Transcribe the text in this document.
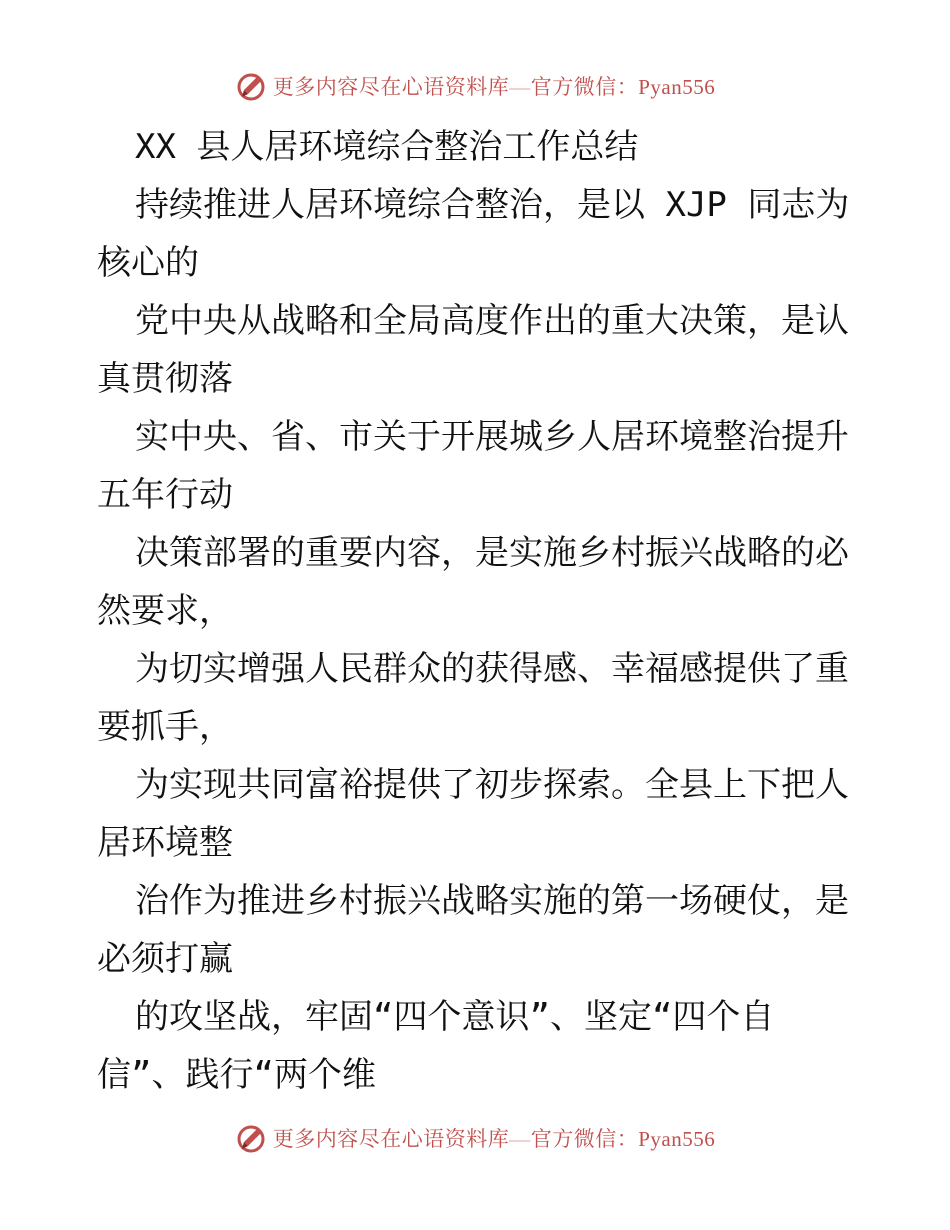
更多内容尽在心语资料库—官方微信：Pyan556
XX 县人居环境综合整治工作总结
持续推进人居环境综合整治，是以 XJP 同志为
核心的
党中央从战略和全局高度作出的重大决策，是认
真贯彻落
实中央、省、市关于开展城乡人居环境整治提升
五年行动
决策部署的重要内容，是实施乡村振兴战略的必
然要求，
为切实增强人民群众的获得感、幸福感提供了重
要抓手，
为实现共同富裕提供了初步探索。全县上下把人
居环境整
治作为推进乡村振兴战略实施的第一场硬仗，是
必须打赢
的攻坚战，牢固“四个意识”、坚定“四个自
信”、践行“两个维
更多内容尽在心语资料库—官方微信：Pyan556
